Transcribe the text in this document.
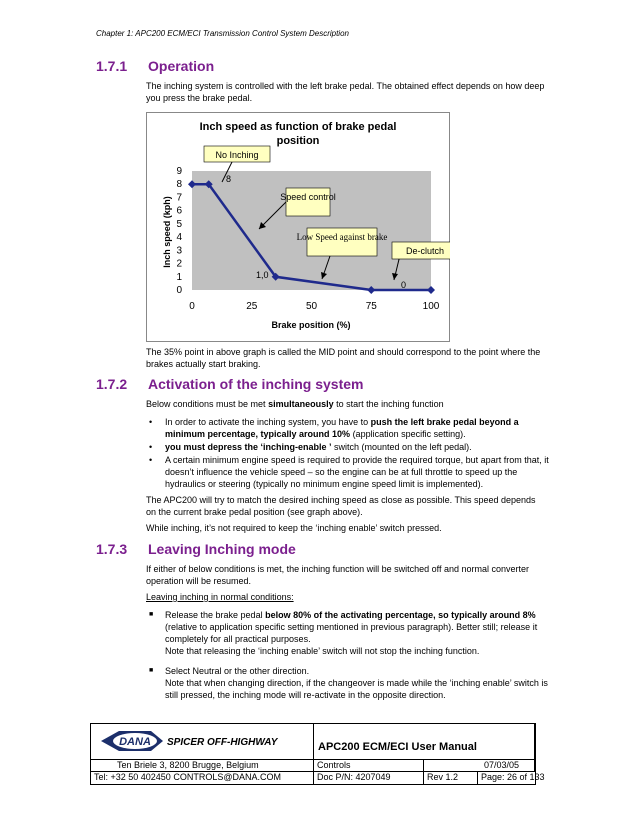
Chapter 1: APC200 ECM/ECI Transmission Control System Description
1.7.1 Operation
The inching system is controlled with the left brake pedal. The obtained effect depends on how deep you press the brake pedal.
Inch speed as function of brake pedal
position
0
1
2
3
4
5
6
7
8
9
0	25	50	75	100
Inch speed (kph)
Brake position (%)
8
1,0
0
No Inching
Speed control
Low Speed against brake
De-clutch
The 35% point in above graph is called the MID point and should correspond to the point where the brakes actually start braking.
1.7.2 Activation of the inching system
Below conditions must be met simultaneously to start the inching function
• In order to activate the inching system, you have to push the left brake pedal beyond a minimum percentage, typically around 10% (application specific setting).
• you must depress the ‘inching-enable ’ switch (mounted on the left pedal).
• A certain minimum engine speed is required to provide the required torque, but apart from that, it doesn’t influence the vehicle speed – so the engine can be at full throttle to speed up the hydraulics or steering (typically no minimum engine speed limit is implemented).
The APC200 will try to match the desired inching speed as close as possible. This speed depends on the current brake pedal position (see graph above).
While inching, it’s not required to keep the ‘inching enable’ switch pressed.
1.7.3 Leaving Inching mode
If either of below conditions is met, the inching function will be switched off and normal converter operation will be resumed.
Leaving inching in normal conditions:
■ Release the brake pedal below 80% of the activating percentage, so typically around 8% (relative to application specific setting mentioned in previous paragraph). Better still; release it completely for all practical purposes.
Note that releasing the ‘inching enable’ switch will not stop the inching function.
■ Select Neutral or the other direction.
Note that when changing direction, if the changeover is made while the ‘inching enable’ switch is still pressed, the inching mode will re-activate in the opposite direction.
DANA SPICER OFF-HIGHWAY	APC200 ECM/ECI User Manual
Ten Briele 3, 8200 Brugge, Belgium	Controls	07/03/05
Tel: +32 50 402450 CONTROLS@DANA.COM	Doc P/N: 4207049	Rev 1.2	Page: 26 of 133
